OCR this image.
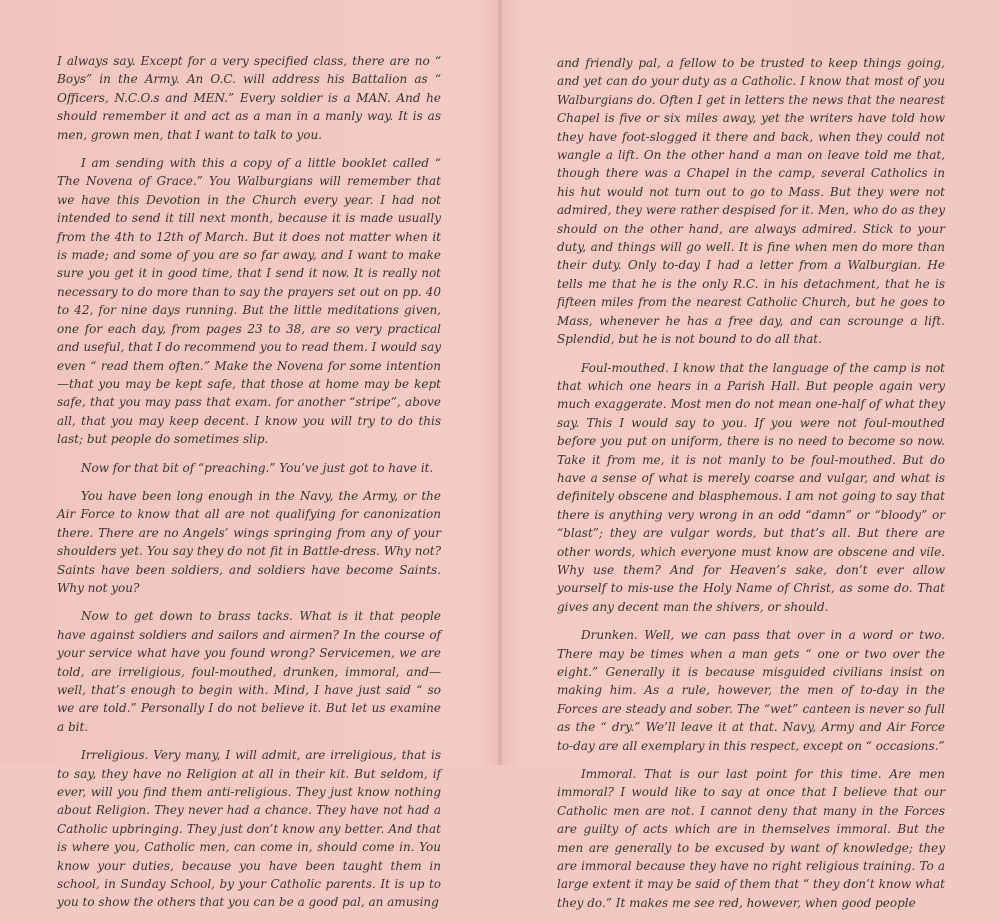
I always say. Except for a very specified class, there are no “ Boys” in the Army. An O.C. will address his Battalion as “ Officers, N.C.O.s and MEN.” Every soldier is a MAN. And he should remember it and act as a man in a manly way. It is as men, grown men, that I want to talk to you.

I am sending with this a copy of a little booklet called “ The Novena of Grace.” You Walburgians will remember that we have this Devotion in the Church every year. I had not intended to send it till next month, because it is made usually from the 4th to 12th of March. But it does not matter when it is made; and some of you are so far away, and I want to make sure you get it in good time, that I send it now. It is really not necessary to do more than to say the prayers set out on pp. 40 to 42, for nine days running. But the little meditations given, one for each day, from pages 23 to 38, are so very practical and useful, that I do recommend you to read them. I would say even “ read them often.” Make the Novena for some intention—that you may be kept safe, that those at home may be kept safe, that you may pass that exam. for another “stripe”, above all, that you may keep decent. I know you will try to do this last; but people do sometimes slip.

Now for that bit of “preaching.” You’ve just got to have it.

You have been long enough in the Navy, the Army, or the Air Force to know that all are not qualifying for canonization there. There are no Angels’ wings springing from any of your shoulders yet. You say they do not fit in Battle-dress. Why not? Saints have been soldiers, and soldiers have become Saints. Why not you?

Now to get down to brass tacks. What is it that people have against soldiers and sailors and airmen? In the course of your service what have you found wrong? Servicemen, we are told, are irreligious, foul-mouthed, drunken, immoral, and—well, that’s enough to begin with. Mind, I have just said “ so we are told.” Personally I do not believe it. But let us examine a bit.

Irreligious. Very many, I will admit, are irreligious, that is to say, they have no Religion at all in their kit. But seldom, if ever, will you find them anti-religious. They just know nothing about Religion. They never had a chance. They have not had a Catholic upbringing. They just don’t know any better. And that is where you, Catholic men, can come in, should come in. You know your duties, because you have been taught them in school, in Sunday School, by your Catholic parents. It is up to you to show the others that you can be a good pal, an amusing

and friendly pal, a fellow to be trusted to keep things going, and yet can do your duty as a Catholic. I know that most of you Walburgians do. Often I get in letters the news that the nearest Chapel is five or six miles away, yet the writers have told how they have foot-slogged it there and back, when they could not wangle a lift. On the other hand a man on leave told me that, though there was a Chapel in the camp, several Catholics in his hut would not turn out to go to Mass. But they were not admired, they were rather despised for it. Men, who do as they should on the other hand, are always admired. Stick to your duty, and things will go well. It is fine when men do more than their duty. Only to-day I had a letter from a Walburgian. He tells me that he is the only R.C. in his detachment, that he is fifteen miles from the nearest Catholic Church, but he goes to Mass, whenever he has a free day, and can scrounge a lift. Splendid, but he is not bound to do all that.

Foul-mouthed. I know that the language of the camp is not that which one hears in a Parish Hall. But people again very much exaggerate. Most men do not mean one-half of what they say. This I would say to you. If you were not foul-mouthed before you put on uniform, there is no need to become so now. Take it from me, it is not manly to be foul-mouthed. But do have a sense of what is merely coarse and vulgar, and what is definitely obscene and blasphemous. I am not going to say that there is anything very wrong in an odd “damn” or “bloody” or “blast”; they are vulgar words, but that’s all. But there are other words, which everyone must know are obscene and vile. Why use them? And for Heaven’s sake, don’t ever allow yourself to mis-use the Holy Name of Christ, as some do. That gives any decent man the shivers, or should.

Drunken. Well, we can pass that over in a word or two. There may be times when a man gets “ one or two over the eight.” Generally it is because misguided civilians insist on making him. As a rule, however, the men of to-day in the Forces are steady and sober. The “wet” canteen is never so full as the “ dry.” We’ll leave it at that. Navy, Army and Air Force to-day are all exemplary in this respect, except on “ occasions.”

Immoral. That is our last point for this time. Are men immoral? I would like to say at once that I believe that our Catholic men are not. I cannot deny that many in the Forces are guilty of acts which are in themselves immoral. But the men are generally to be excused by want of knowledge; they are immoral because they have no right religious training. To a large extent it may be said of them that “ they don’t know what they do.” It makes me see red, however, when good people
